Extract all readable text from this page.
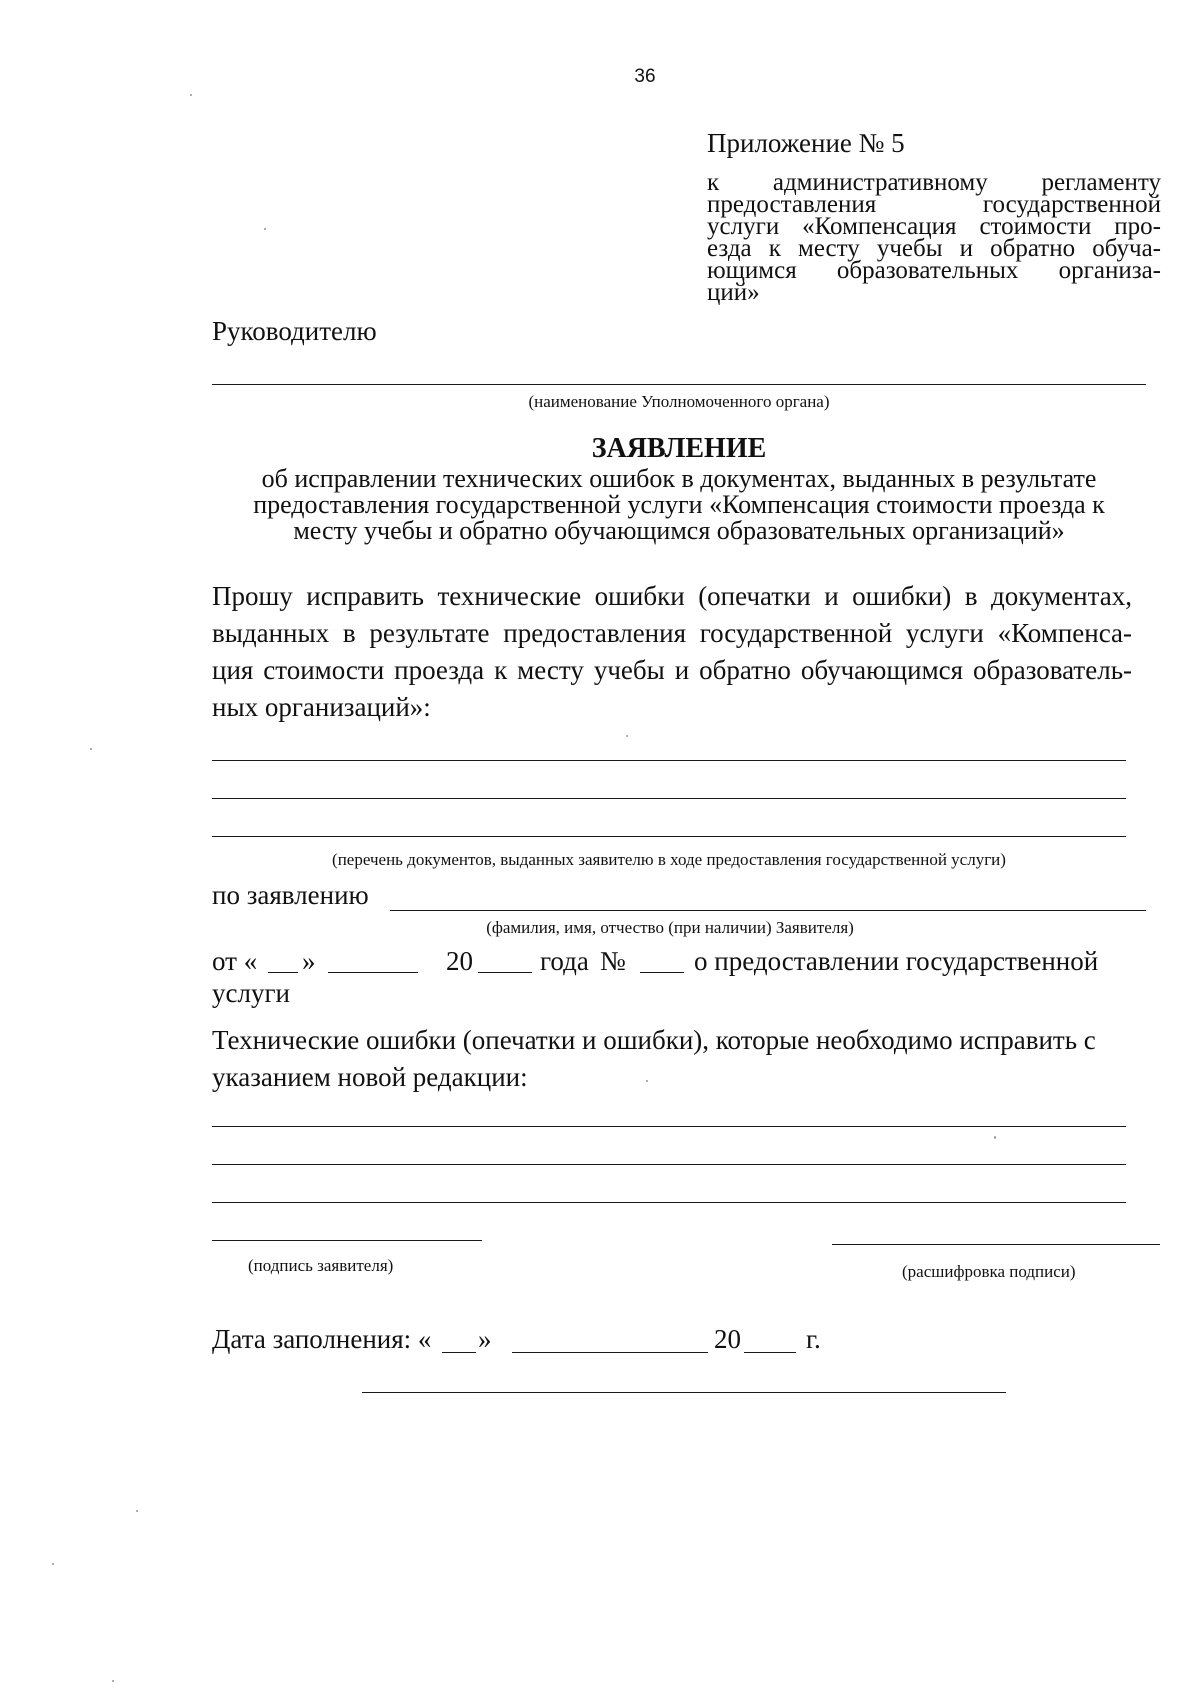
36
Приложение № 5
к административному регламенту
предоставления государственной
услуги «Компенсация стоимости про-
езда к месту учебы и обратно обуча-
ющимся образовательных организа-
ций»
Руководителю
(наименование Уполномоченного органа)
ЗАЯВЛЕНИЕ
об исправлении технических ошибок в документах, выданных в результате
предоставления государственной услуги «Компенсация стоимости проезда к
месту учебы и обратно обучающимся образовательных организаций»
Прошу исправить технические ошибки (опечатки и ошибки) в документах,
выданных в результате предоставления государственной услуги «Компенса-
ция стоимости проезда к месту учебы и обратно обучающимся образователь-
ных организаций»:
(перечень документов, выданных заявителю в ходе предоставления государственной услуги)
по заявлению
(фамилия, имя, отчество (при наличии) Заявителя)
от « »	20 года №	о предоставлении государственной
услуги
Технические ошибки (опечатки и ошибки), которые необходимо исправить с
указанием новой редакции:
(подпись заявителя)	(расшифровка подписи)
Дата заполнения: « »	20 г.
